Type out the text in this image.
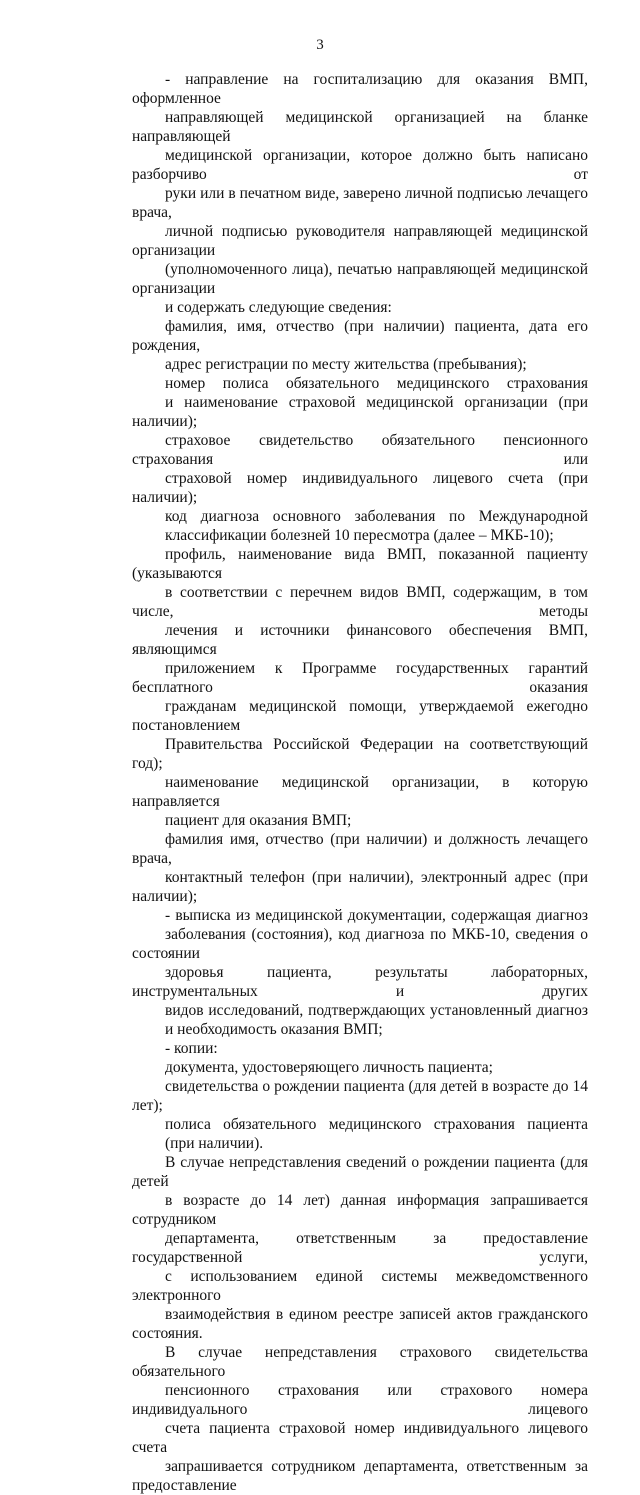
3

- направление на госпитализацию для оказания ВМП, оформленное
направляющей медицинской организацией на бланке направляющей
медицинской организации, которое должно быть написано разборчиво от
руки или в печатном виде, заверено личной подписью лечащего врача,
личной подписью руководителя направляющей медицинской организации
(уполномоченного лица), печатью направляющей медицинской организации
и содержать следующие сведения:

фамилия, имя, отчество (при наличии) пациента, дата его рождения,
адрес регистрации по месту жительства (пребывания);

номер полиса обязательного медицинского страхования
и наименование страховой медицинской организации (при наличии);

страховое свидетельство обязательного пенсионного страхования или
страховой номер индивидуального лицевого счета (при наличии);

код диагноза основного заболевания по Международной
классификации болезней 10 пересмотра (далее – МКБ-10);

профиль, наименование вида ВМП, показанной пациенту (указываются
в соответствии с перечнем видов ВМП, содержащим, в том числе, методы
лечения и источники финансового обеспечения ВМП, являющимся
приложением к Программе государственных гарантий бесплатного оказания
гражданам медицинской помощи, утверждаемой ежегодно постановлением
Правительства Российской Федерации на соответствующий год);

наименование медицинской организации, в которую направляется
пациент для оказания ВМП;

фамилия имя, отчество (при наличии) и должность лечащего врача,
контактный телефон (при наличии), электронный адрес (при наличии);

- выписка из медицинской документации, содержащая диагноз
заболевания (состояния), код диагноза по МКБ-10, сведения о состоянии
здоровья пациента, результаты лабораторных, инструментальных и других
видов исследований, подтверждающих установленный диагноз
и необходимость оказания ВМП;

- копии:

документа, удостоверяющего личность пациента;

свидетельства о рождении пациента (для детей в возрасте до 14 лет);

полиса обязательного медицинского страхования пациента
(при наличии).

В случае непредставления сведений о рождении пациента (для детей
в возрасте до 14 лет) данная информация запрашивается сотрудником
департамента, ответственным за предоставление государственной услуги,
с использованием единой системы межведомственного электронного
взаимодействия в едином реестре записей актов гражданского состояния.

В случае непредставления страхового свидетельства обязательного
пенсионного страхования или страхового номера индивидуального лицевого
счета пациента страховой номер индивидуального лицевого счета
запрашивается сотрудником департамента, ответственным за предоставление
